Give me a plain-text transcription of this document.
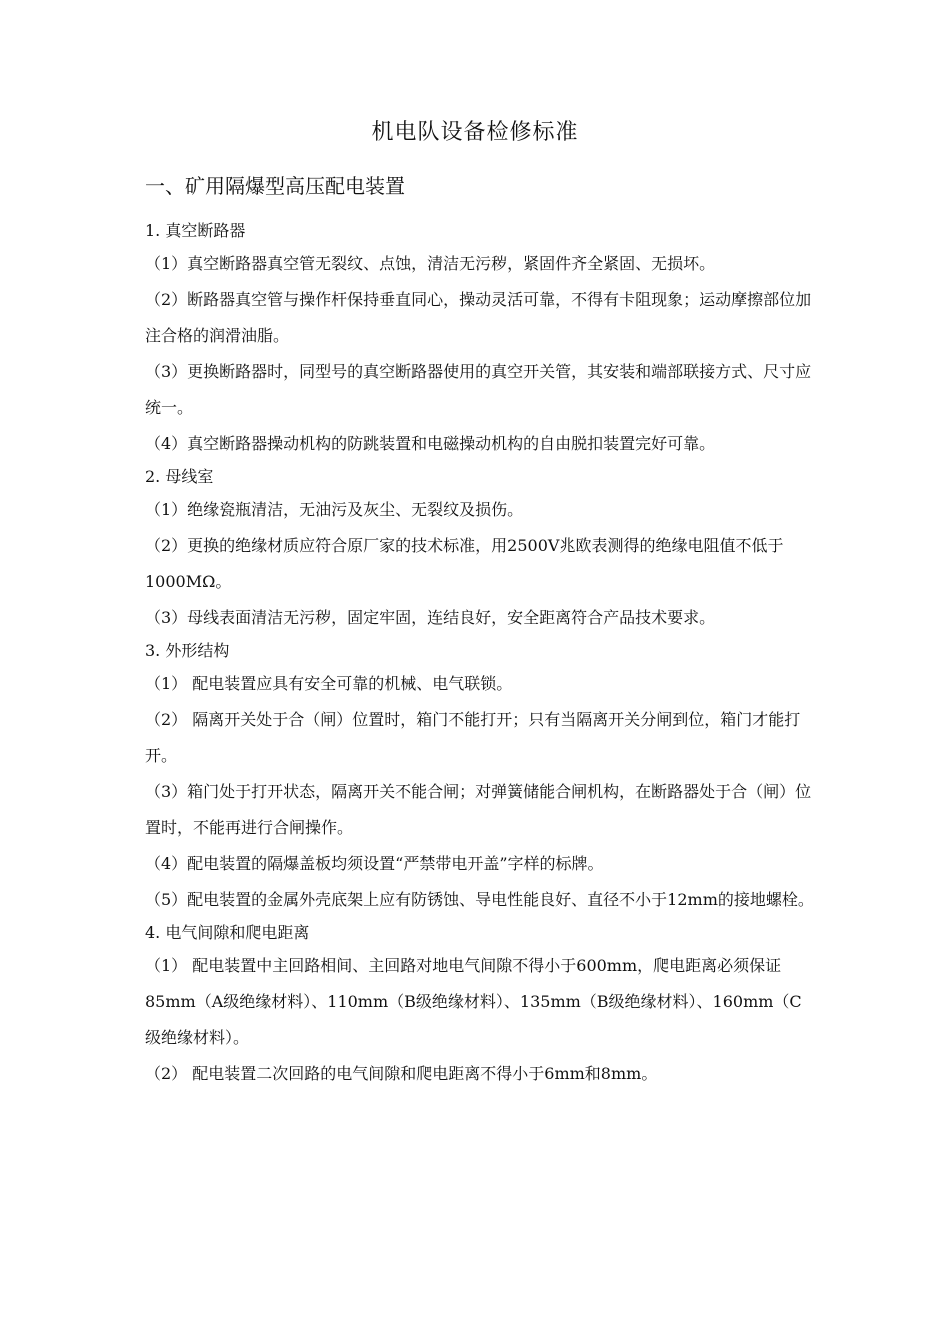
机电队设备检修标准
一、矿用隔爆型高压配电装置
1. 真空断路器
（1）真空断路器真空管无裂纹、点蚀，清洁无污秽，紧固件齐全紧固、无损坏。
（2）断路器真空管与操作杆保持垂直同心，操动灵活可靠，不得有卡阻现象；运动摩擦部位加注合格的润滑油脂。
（3）更换断路器时，同型号的真空断路器使用的真空开关管，其安装和端部联接方式、尺寸应统一。
（4）真空断路器操动机构的防跳装置和电磁操动机构的自由脱扣装置完好可靠。
2. 母线室
（1）绝缘瓷瓶清洁，无油污及灰尘、无裂纹及损伤。
（2）更换的绝缘材质应符合原厂家的技术标准，用2500V兆欧表测得的绝缘电阻值不低于1000MΩ。
（3）母线表面清洁无污秽，固定牢固，连结良好，安全距离符合产品技术要求。
3. 外形结构
（1） 配电装置应具有安全可靠的机械、电气联锁。
（2） 隔离开关处于合（闸）位置时，箱门不能打开；只有当隔离开关分闸到位，箱门才能打开。
（3）箱门处于打开状态，隔离开关不能合闸；对弹簧储能合闸机构，在断路器处于合（闸）位置时，不能再进行合闸操作。
（4）配电装置的隔爆盖板均须设置“严禁带电开盖”字样的标牌。
（5）配电装置的金属外壳底架上应有防锈蚀、导电性能良好、直径不小于12mm的接地螺栓。
4. 电气间隙和爬电距离
（1） 配电装置中主回路相间、主回路对地电气间隙不得小于600mm，爬电距离必须保证85mm（A级绝缘材料）、110mm（B级绝缘材料）、135mm（B级绝缘材料）、160mm（C级绝缘材料）。
（2） 配电装置二次回路的电气间隙和爬电距离不得小于6mm和8mm。
